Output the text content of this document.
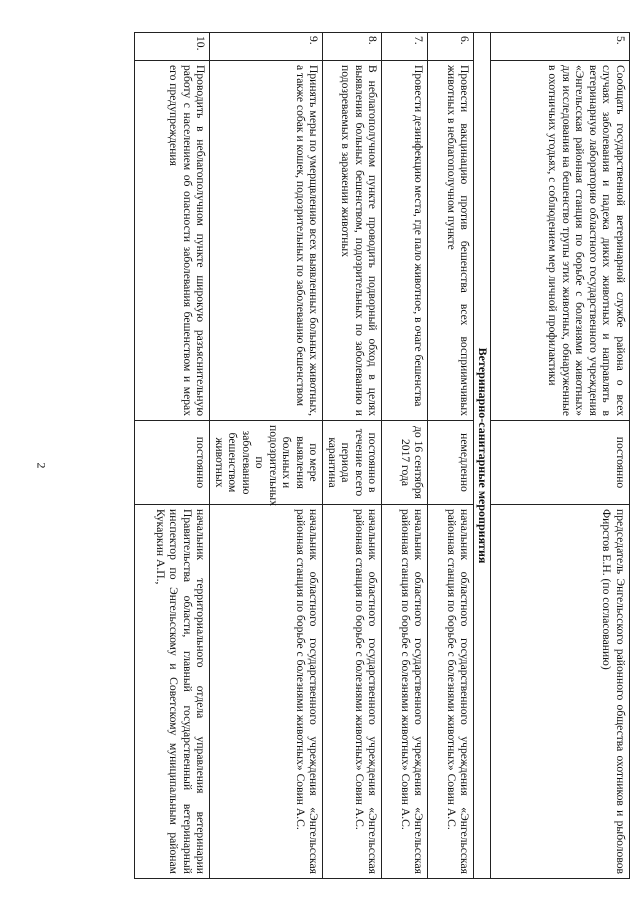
2
5.	Сообщать государственной ветеринарной службе района о всех случаях заболевания и падежа диких животных и направлять в ветеринарную лабораторию областного государственного учреждения «Энгельсская районная станция по борьбе с болезнями животных» для исследования на бешенство трупы этих животных, обнаруженные в охотничьих угодьях, с соблюдением мер личной профилактики	постоянно	председатель Энгельсского районного общества охотников и рыболовов Фирстов Е.Н. (по согласованию)
Ветеринарно-санитарные мероприятия			
6.	Провести вакцинацию против бешенства всех восприимчивых животных в неблагополучном пункте	немедленно	начальник областного государственного учреждения «Энгельсская районная станция по борьбе с болезнями животных» Совин А.С.
7.	Провести дезинфекцию места, где пало животное, в очаге бешенства	до 16 сентября 2017 года	начальник областного государственного учреждения «Энгельсская районная станция по борьбе с болезнями животных» Совин А.С.
8.	В неблагополучном пункте проводить подворный обход в целях выявления больных бешенством, подозрительных по заболеванию и подозреваемых в заражении животных	постоянно в течение всего периода карантина	начальник областного государственного учреждения «Энгельсская районная станция по борьбе с болезнями животных» Совин А.С.
9.	Принять меры по умерщвлению всех выявленных больных животных, а также собак и кошек, подозрительных по заболеванию бешенством	по мере выявления больных и подозрительных по заболеванию бешенством животных	начальник областного государственного учреждения «Энгельсская районная станция по борьбе с болезнями животных» Совин А.С.
10.	Проводить в неблагополучном пункте широкую разъяснительную работу с населением об опасности заболевания бешенством и мерах его предупреждения	постоянно	начальник территориального отдела управления ветеринарии Правительства области, главный государственный ветеринарный инспектор по Энгельсскому и Советскому муниципальным районам Кукаркин А.П.,
